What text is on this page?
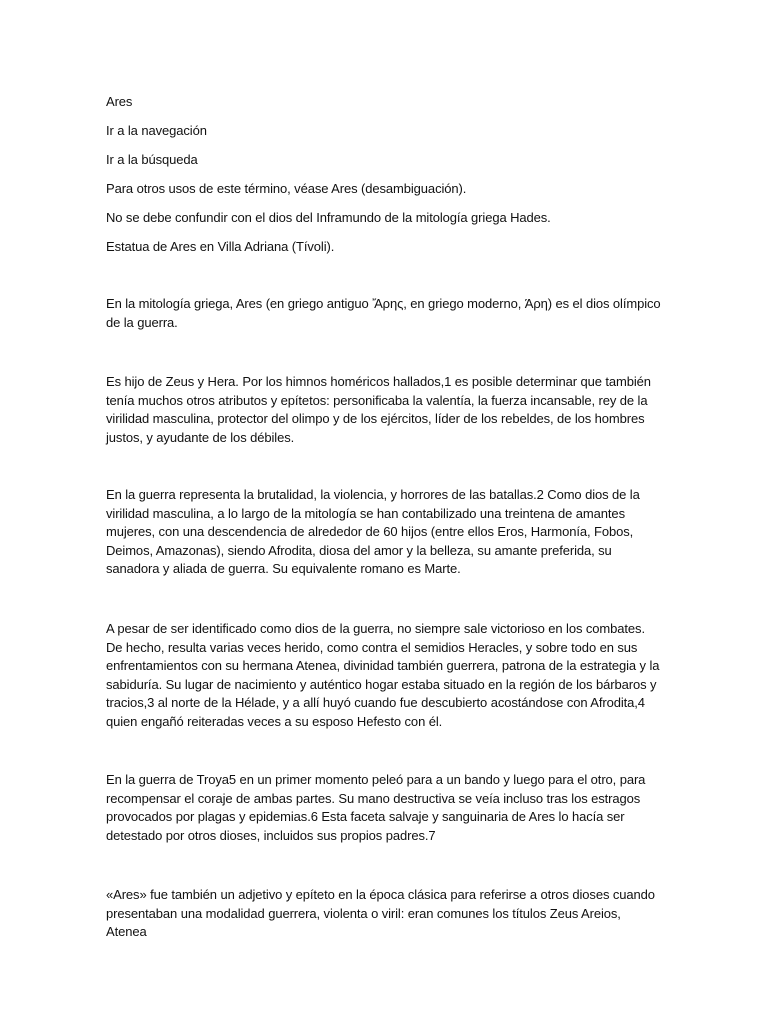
Ares

Ir a la navegación

Ir a la búsqueda

Para otros usos de este término, véase Ares (desambiguación).

No se debe confundir con el dios del Inframundo de la mitología griega Hades.

Estatua de Ares en Villa Adriana (Tívoli).

En la mitología griega, Ares (en griego antiguo Ἄρης, en griego moderno, Άρη) es el dios olímpico de la guerra.

Es hijo de Zeus y Hera. Por los himnos homéricos hallados,1 es posible determinar que también tenía muchos otros atributos y epítetos: personificaba la valentía, la fuerza incansable, rey de la virilidad masculina, protector del olimpo y de los ejércitos, líder de los rebeldes, de los hombres justos, y ayudante de los débiles.

En la guerra representa la brutalidad, la violencia, y horrores de las batallas.2 Como dios de la virilidad masculina, a lo largo de la mitología se han contabilizado una treintena de amantes mujeres, con una descendencia de alrededor de 60 hijos (entre ellos Eros, Harmonía, Fobos, Deimos, Amazonas), siendo Afrodita, diosa del amor y la belleza, su amante preferida, su sanadora y aliada de guerra. Su equivalente romano es Marte.

A pesar de ser identificado como dios de la guerra, no siempre sale victorioso en los combates. De hecho, resulta varias veces herido, como contra el semidios Heracles, y sobre todo en sus enfrentamientos con su hermana Atenea, divinidad también guerrera, patrona de la estrategia y la sabiduría. Su lugar de nacimiento y auténtico hogar estaba situado en la región de los bárbaros y tracios,3 al norte de la Hélade, y a allí huyó cuando fue descubierto acostándose con Afrodita,4 quien engañó reiteradas veces a su esposo Hefesto con él.

En la guerra de Troya5 en un primer momento peleó para a un bando y luego para el otro, para recompensar el coraje de ambas partes. Su mano destructiva se veía incluso tras los estragos provocados por plagas y epidemias.6 Esta faceta salvaje y sanguinaria de Ares lo hacía ser detestado por otros dioses, incluidos sus propios padres.7

«Ares» fue también un adjetivo y epíteto en la época clásica para referirse a otros dioses cuando presentaban una modalidad guerrera, violenta o viril: eran comunes los títulos Zeus Areios, Atenea
